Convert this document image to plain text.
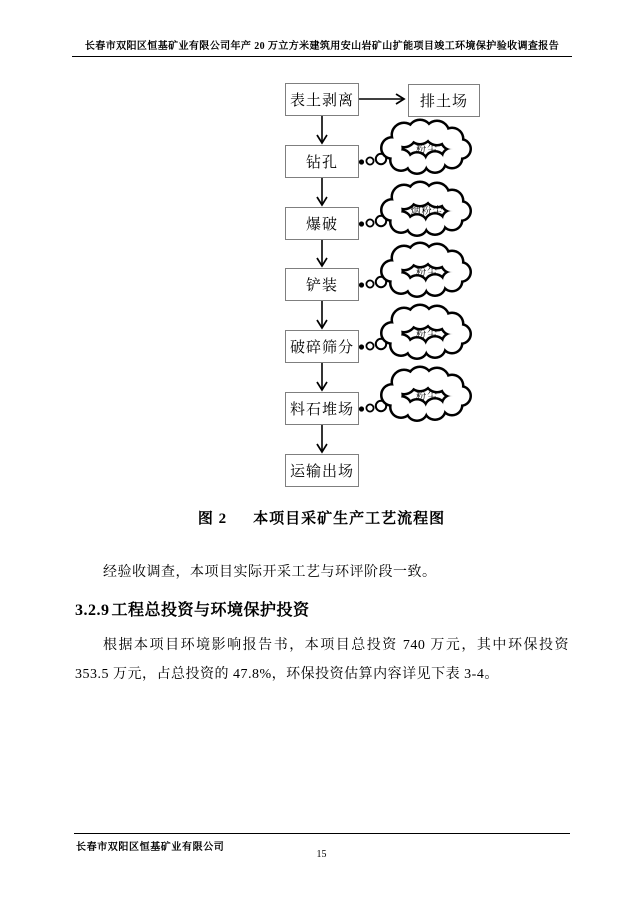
长春市双阳区恒基矿业有限公司年产 20 万立方米建筑用安山岩矿山扩能项目竣工环境保护验收调查报告
表土剥离	排土场
钻孔
爆破
铲装
破碎筛分
料石堆场
运输出场
粉尘
烟粉尘
粉尘
粉尘
粉尘
图 2 本项目采矿生产工艺流程图

经验收调查，本项目实际开采工艺与环评阶段一致。

3.2.9 工程总投资与环境保护投资

根据本项目环境影响报告书，本项目总投资 740 万元，其中环保投资 353.5 万元，占总投资的 47.8%，环保投资估算内容详见下表 3-4。

长春市双阳区恒基矿业有限公司
15
